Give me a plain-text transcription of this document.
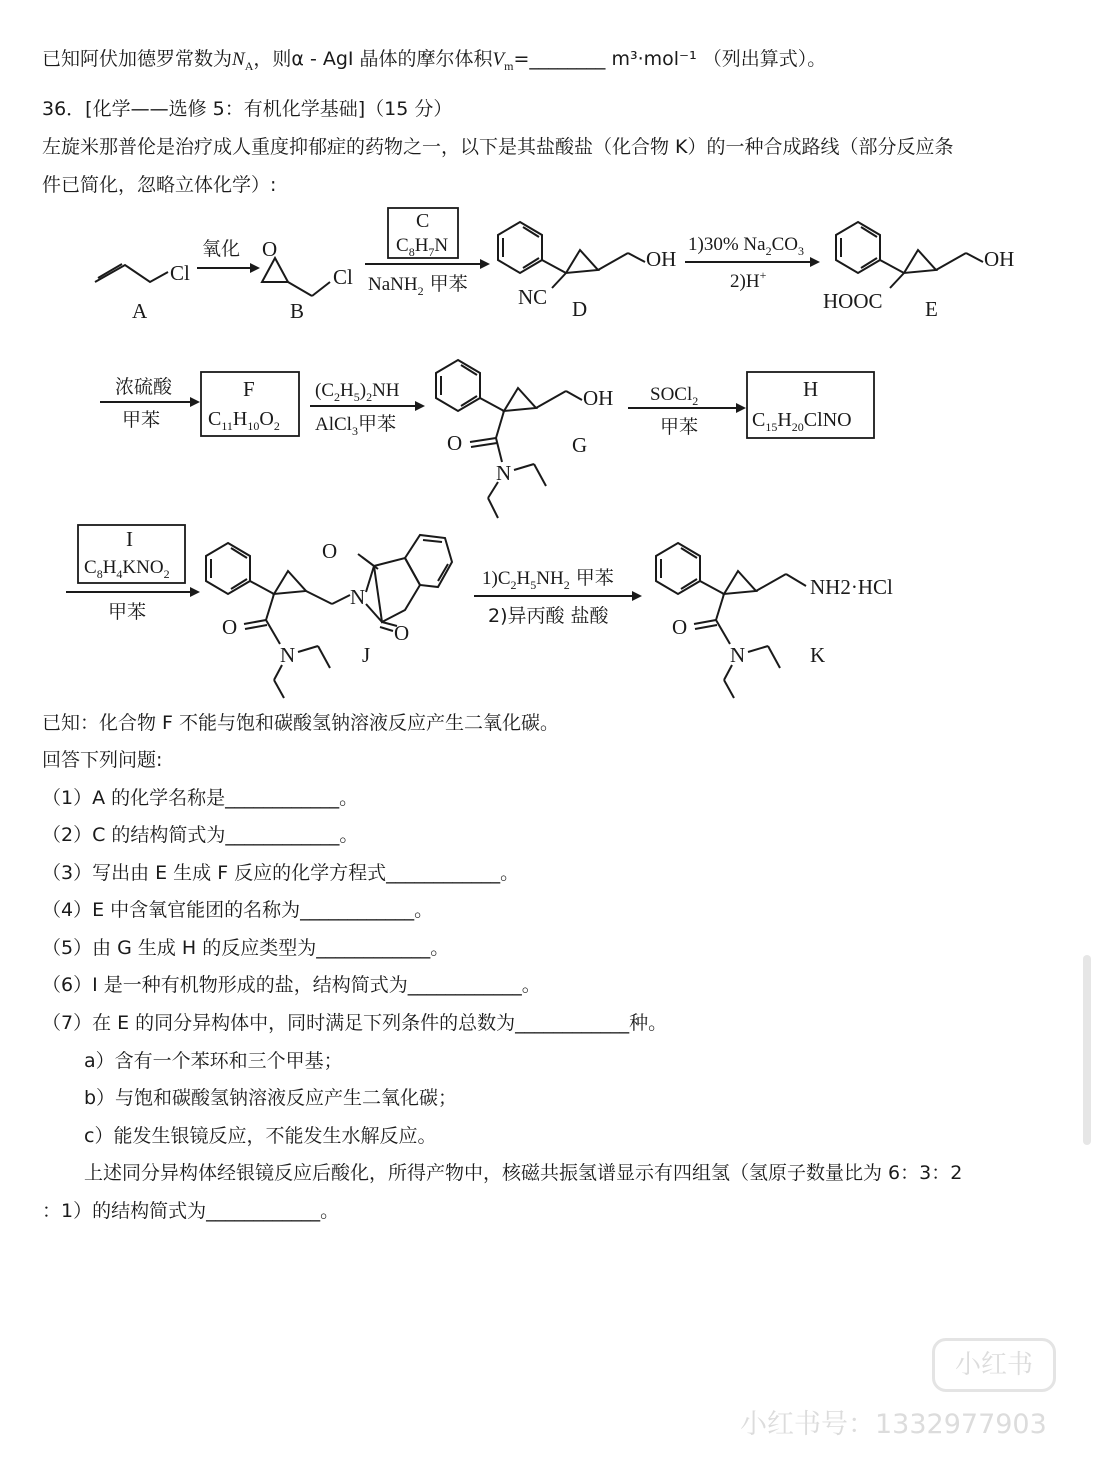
已知阿伏加德罗常数为$N_A$，则α - AgI 晶体的摩尔体积$V_m=\_\_\_\_\_\_\_\_$ m³·mol⁻¹ （列出算式）。
36．[化学——选修 5：有机化学基础]（15 分）
左旋米那普伦是治疗成人重度抑郁症的药物之一，以下是其盐酸盐（化合物 K）的一种合成路线（部分反应条
件已简化，忽略立体化学）:
Cl
A
氧化 O
Cl
B
C
$C_8H_7N$
NaNH$_2$ 甲苯
OH
NC D
1)30% $Na_2CO_3$
2)H+
OH
HOOC E
浓硫酸
甲苯
F
$C_{11}H_{10}O_2$
$(C_2H_5)_2NH$
AlCl$_3$甲苯
OH
O
N
G
SOCl$_2$
甲苯
H
$C_{15}H_{20}ClNO$
I
$C_8H_4KNO_2$
甲苯
N
O
O
O
N	J
$1)C_2H_5NH_2$ 甲苯
2)异丙酸 盐酸
NH2·HCl
O
N	K
已知：化合物 F 不能与饱和碳酸氢钠溶液反应产生二氧化碳。
回答下列问题:
（1）A 的化学名称是____________。
（2）C 的结构简式为____________。
（3）写出由 E 生成 F 反应的化学方程式____________。
（4）E 中含氧官能团的名称为____________。
（5）由 G 生成 H 的反应类型为____________。
（6）I 是一种有机物形成的盐，结构简式为____________。
（7）在 E 的同分异构体中，同时满足下列条件的总数为____________种。
a）含有一个苯环和三个甲基；
b）与饱和碳酸氢钠溶液反应产生二氧化碳；
c）能发生银镜反应，不能发生水解反应。
上述同分异构体经银镜反应后酸化，所得产物中，核磁共振氢谱显示有四组氢（氢原子数量比为 6：3：2
：1）的结构简式为____________。
小红书
小红书号：1332977903
